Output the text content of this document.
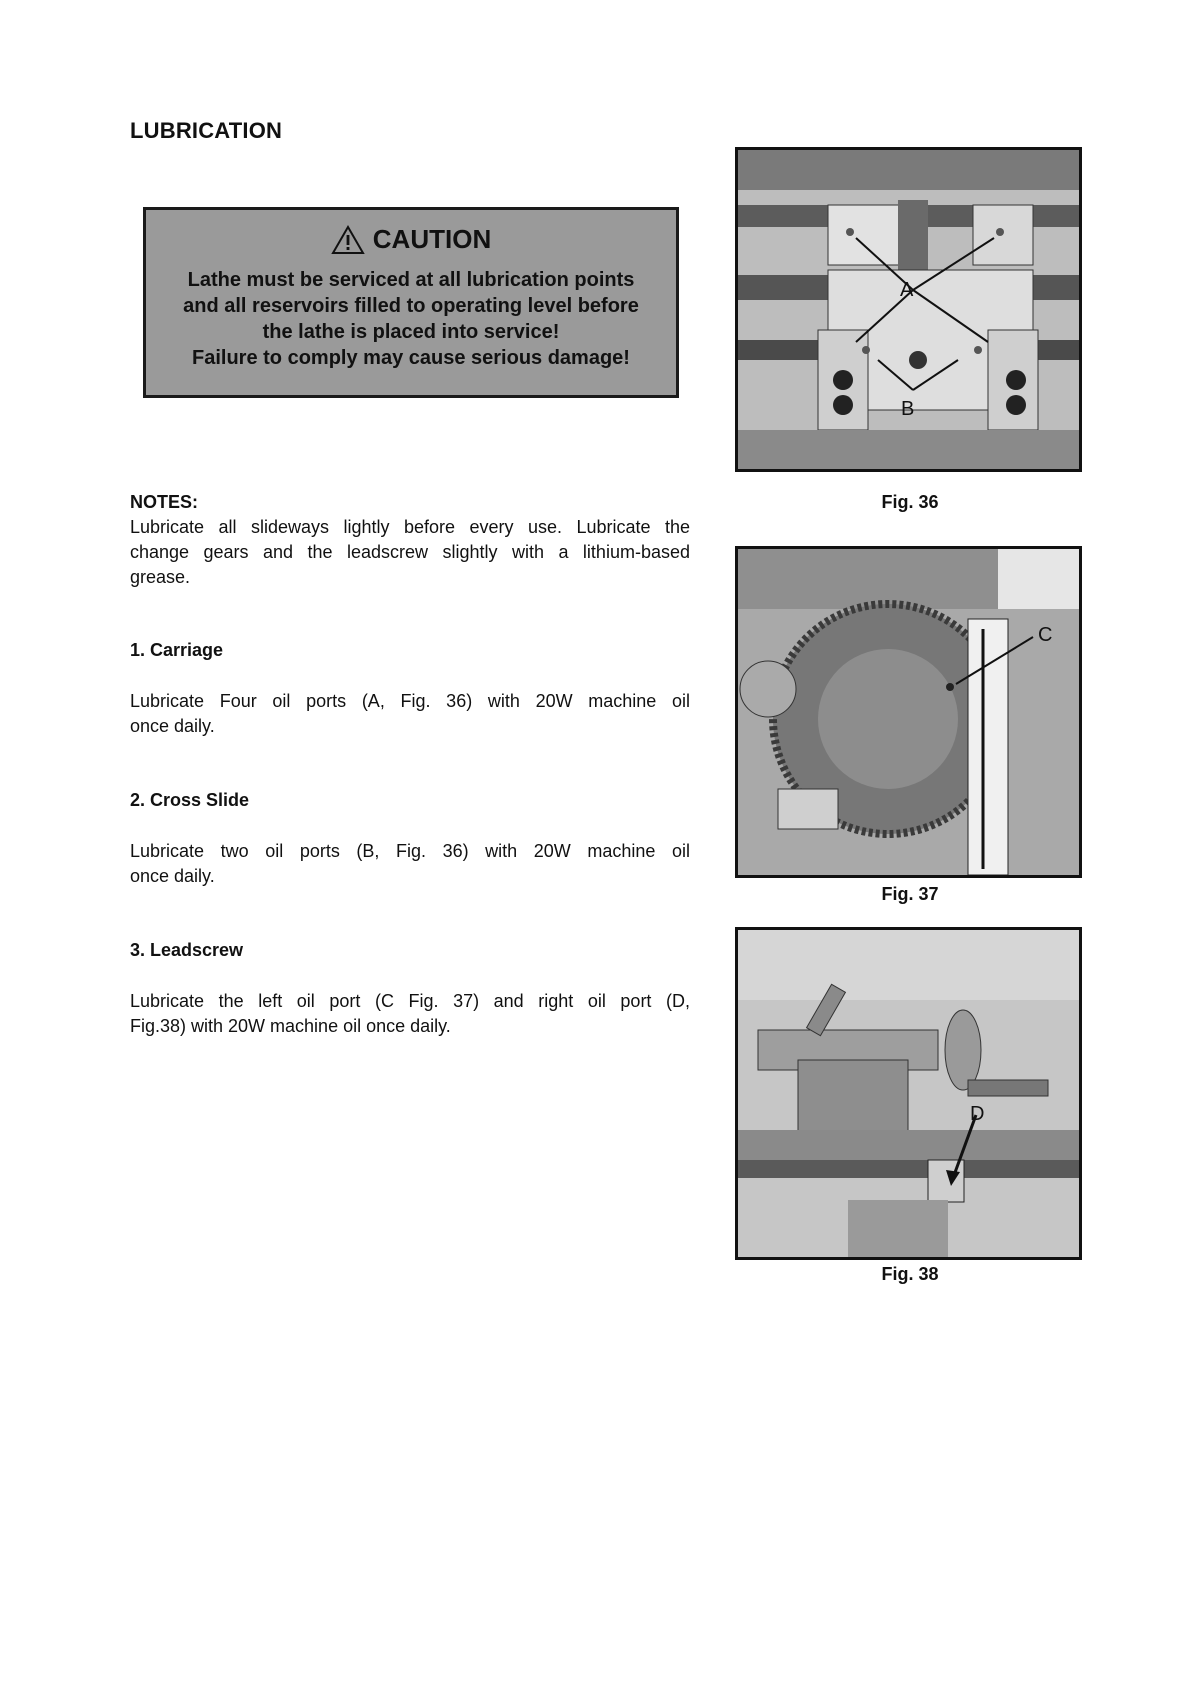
LUBRICATION
CAUTION
Lathe must be serviced at all lubrication points
and all reservoirs filled to operating level before
the lathe is placed into service!
Failure to comply may cause serious damage!
NOTES:
Lubricate all slideways lightly before every use. Lubricate the
change gears and the leadscrew slightly with a lithium-based
grease.
1. Carriage
Lubricate Four oil ports (A, Fig. 36) with 20W machine oil
once daily.
2. Cross Slide
Lubricate two oil ports (B, Fig. 36) with 20W machine oil
once daily.
3. Leadscrew
Lubricate the left oil port (C Fig. 37) and right oil port (D,
Fig.38) with 20W machine oil once daily.
A
B
Fig. 36
C
Fig. 37
D
Fig. 38
